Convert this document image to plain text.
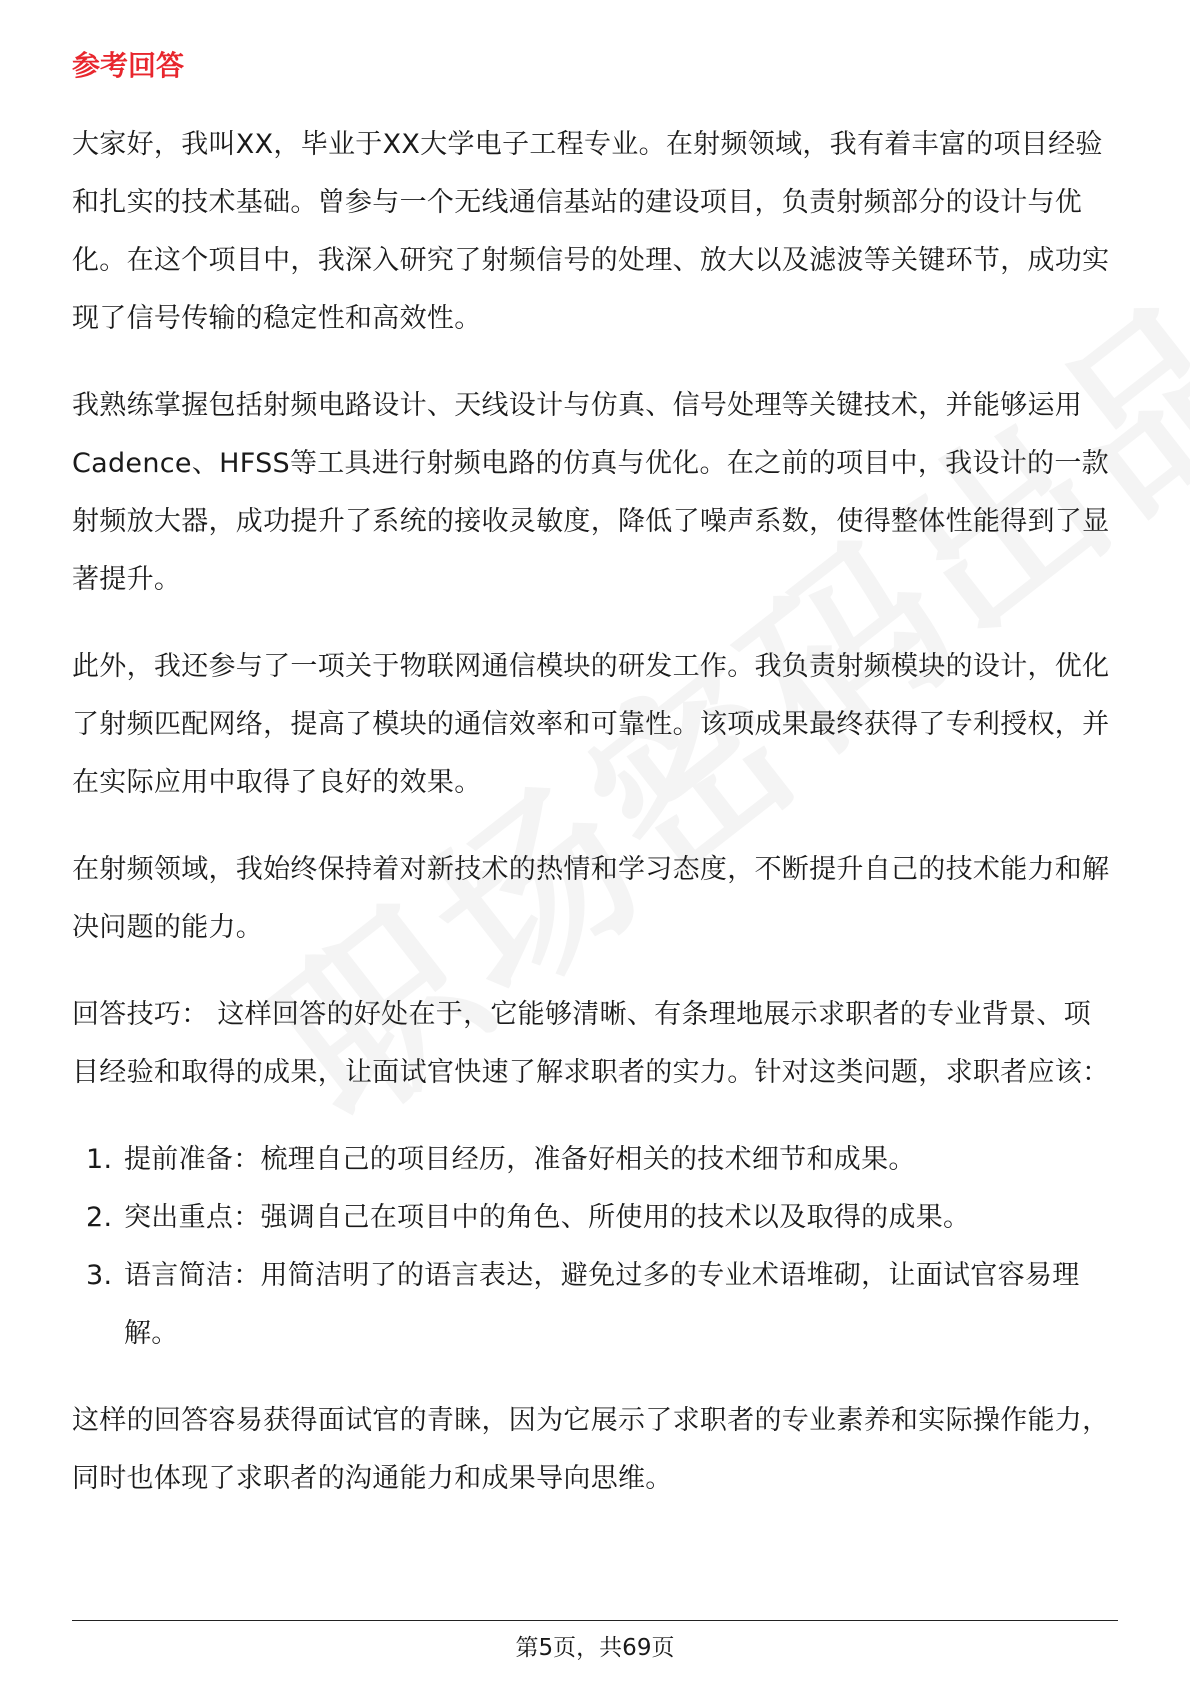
参考回答

大家好，我叫XX，毕业于XX大学电子工程专业。在射频领域，我有着丰富的项目经验和扎实的技术基础。曾参与一个无线通信基站的建设项目，负责射频部分的设计与优化。在这个项目中，我深入研究了射频信号的处理、放大以及滤波等关键环节，成功实现了信号传输的稳定性和高效性。

我熟练掌握包括射频电路设计、天线设计与仿真、信号处理等关键技术，并能够运用Cadence、HFSS等工具进行射频电路的仿真与优化。在之前的项目中，我设计的一款射频放大器，成功提升了系统的接收灵敏度，降低了噪声系数，使得整体性能得到了显著提升。

此外，我还参与了一项关于物联网通信模块的研发工作。我负责射频模块的设计，优化了射频匹配网络，提高了模块的通信效率和可靠性。该项成果最终获得了专利授权，并在实际应用中取得了良好的效果。

在射频领域，我始终保持着对新技术的热情和学习态度，不断提升自己的技术能力和解决问题的能力。

回答技巧： 这样回答的好处在于，它能够清晰、有条理地展示求职者的专业背景、项目经验和取得的成果，让面试官快速了解求职者的实力。针对这类问题，求职者应该：

1. 提前准备：梳理自己的项目经历，准备好相关的技术细节和成果。
2. 突出重点：强调自己在项目中的角色、所使用的技术以及取得的成果。
3. 语言简洁：用简洁明了的语言表达，避免过多的专业术语堆砌，让面试官容易理解。

这样的回答容易获得面试官的青睐，因为它展示了求职者的专业素养和实际操作能力，同时也体现了求职者的沟通能力和成果导向思维。

第5页，共69页
